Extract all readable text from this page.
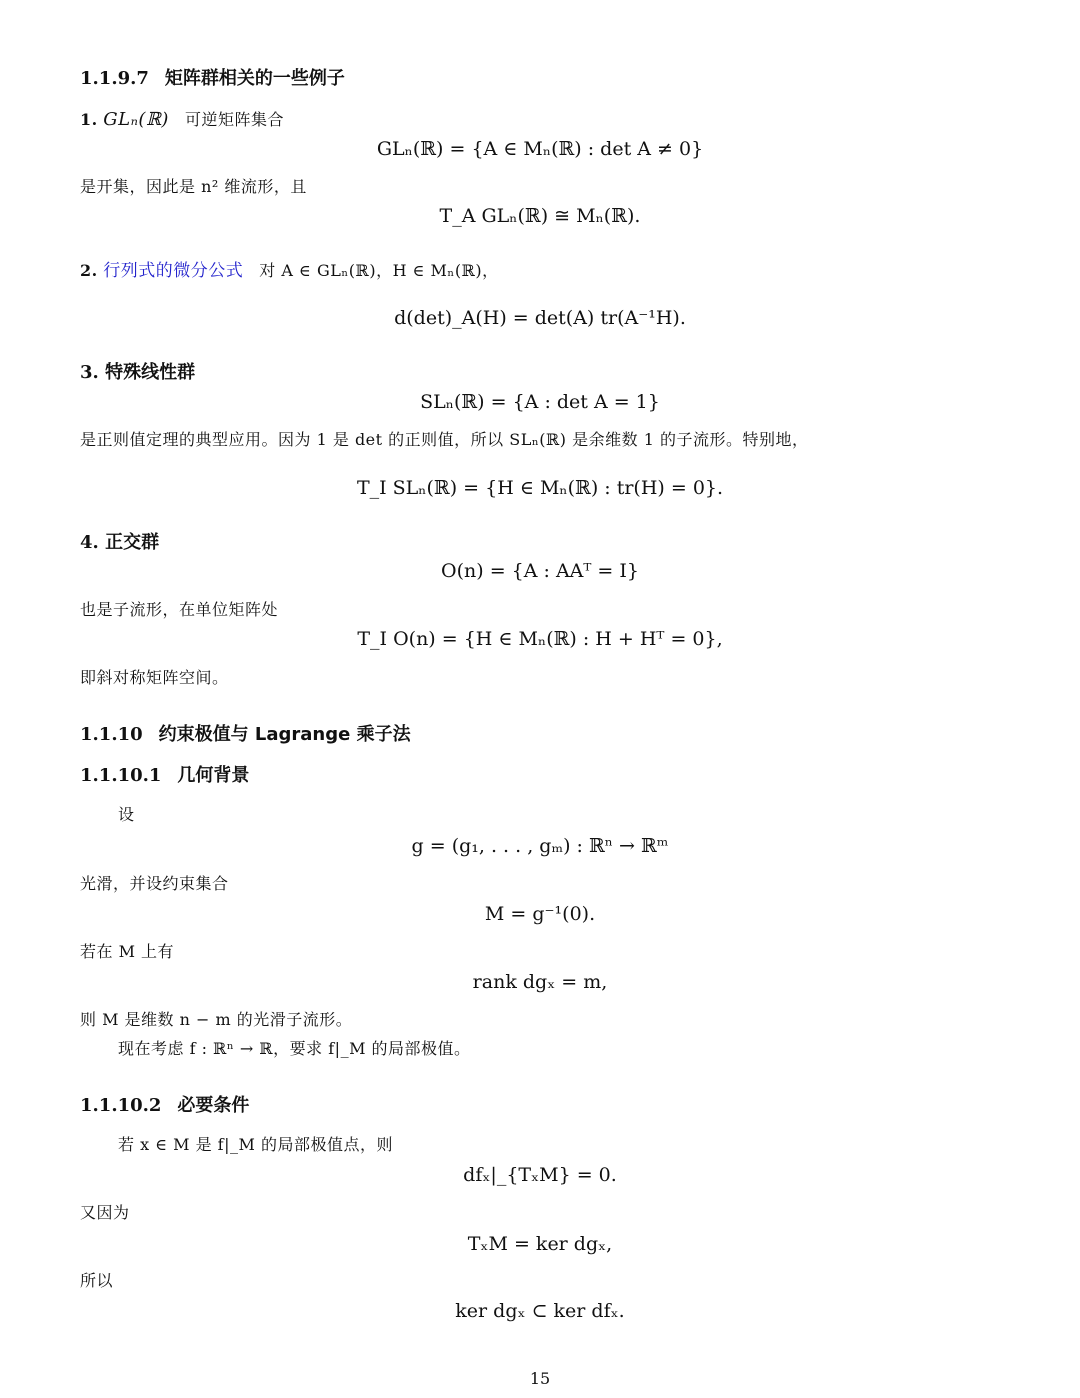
1.1.9.7 矩阵群相关的一些例子
1. GLₙ(ℝ) 可逆矩阵集合
GLₙ(ℝ) = {A ∈ Mₙ(ℝ) : det A ≠ 0}
是开集，因此是 n² 维流形，且
T_A GLₙ(ℝ) ≅ Mₙ(ℝ).
2. 行列式的微分公式 对 A ∈ GLₙ(ℝ)，H ∈ Mₙ(ℝ)，
d(det)_A(H) = det(A) tr(A⁻¹H).
3. 特殊线性群
SLₙ(ℝ) = {A : det A = 1}
是正则值定理的典型应用。因为 1 是 det 的正则值，所以 SLₙ(ℝ) 是余维数 1 的子流形。特别地，
T_I SLₙ(ℝ) = {H ∈ Mₙ(ℝ) : tr(H) = 0}.
4. 正交群
O(n) = {A : AAᵀ = I}
也是子流形，在单位矩阵处
T_I O(n) = {H ∈ Mₙ(ℝ) : H + Hᵀ = 0},
即斜对称矩阵空间。
1.1.10 约束极值与 Lagrange 乘子法
1.1.10.1 几何背景
设
g = (g₁, . . . , gₘ) : ℝⁿ → ℝᵐ
光滑，并设约束集合
M = g⁻¹(0).
若在 M 上有
rank dgₓ = m,
则 M 是维数 n − m 的光滑子流形。
现在考虑 f : ℝⁿ → ℝ，要求 f|_M 的局部极值。
1.1.10.2 必要条件
若 x ∈ M 是 f|_M 的局部极值点，则
dfₓ|_{TₓM} = 0.
又因为
TₓM = ker dgₓ,
所以
ker dgₓ ⊂ ker dfₓ.
15
